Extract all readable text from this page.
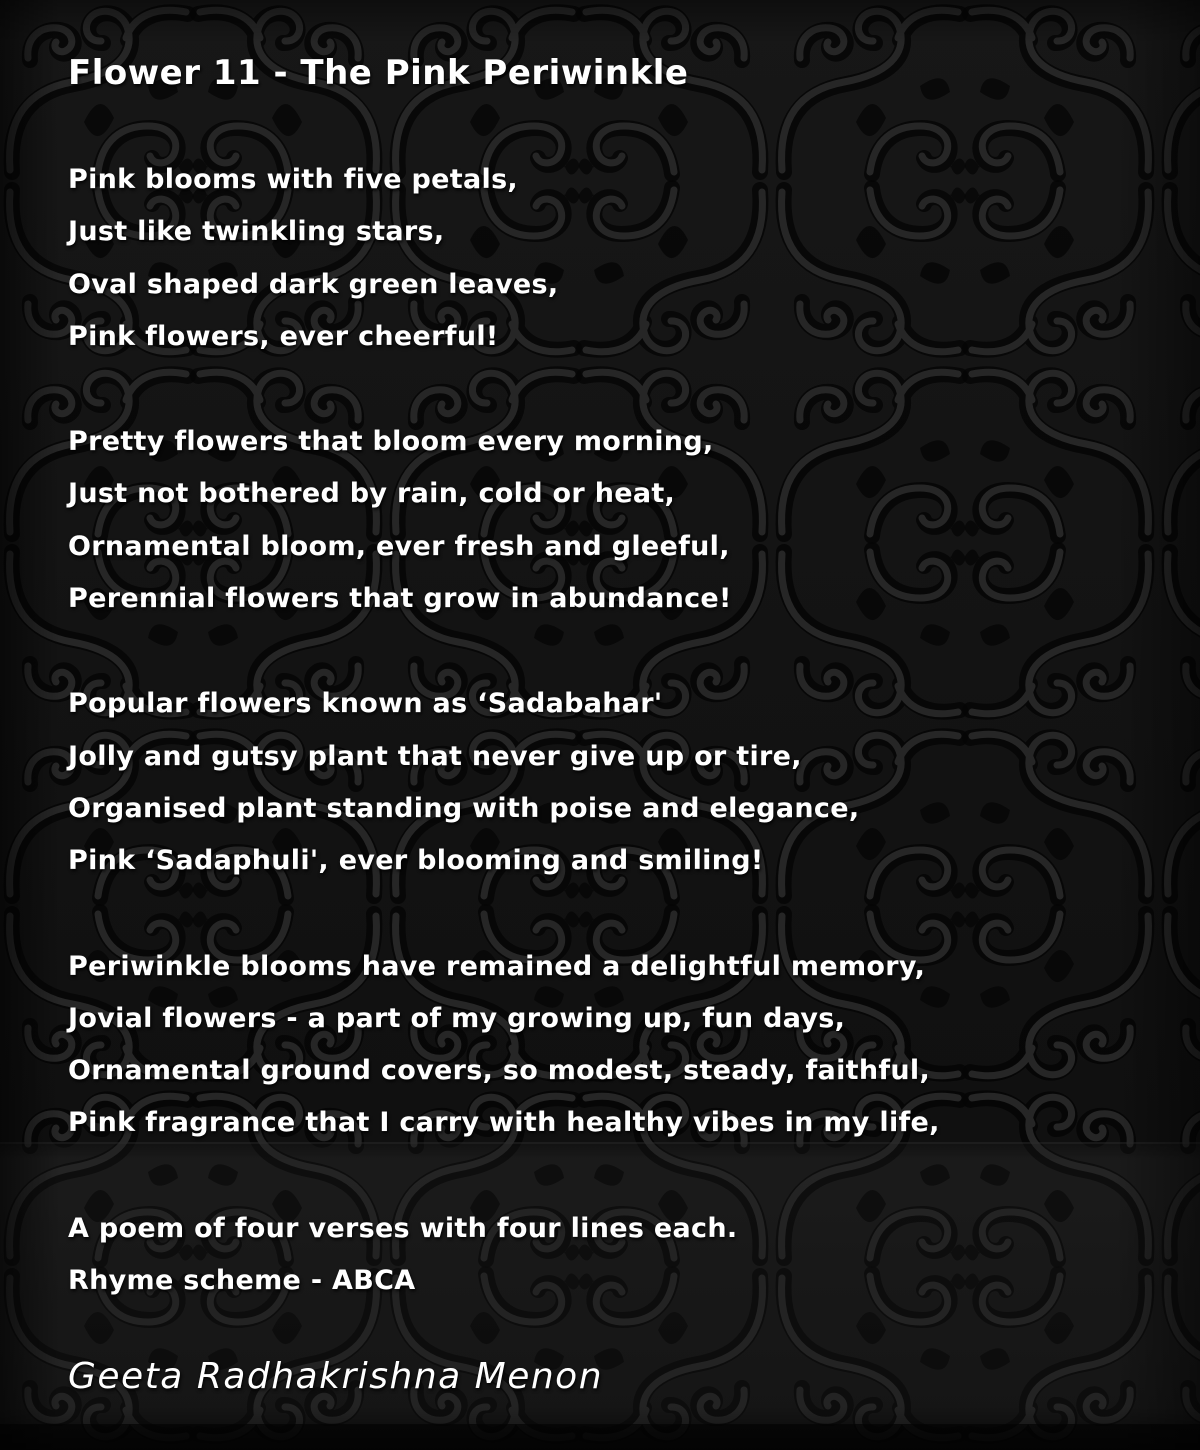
Flower 11 - The Pink Periwinkle

Pink blooms with five petals,

Just like twinkling stars,

Oval shaped dark green leaves,

Pink flowers, ever cheerful!

Pretty flowers that bloom every morning,

Just not bothered by rain, cold or heat,

Ornamental bloom, ever fresh and gleeful,

Perennial flowers that grow in abundance!

Popular flowers known as ‘Sadabahar'

Jolly and gutsy plant that never give up or tire,

Organised plant standing with poise and elegance,

Pink ‘Sadaphuli', ever blooming and smiling!

Periwinkle blooms have remained a delightful memory,

Jovial flowers - a part of my growing up, fun days,

Ornamental ground covers, so modest, steady, faithful,

Pink fragrance that I carry with healthy vibes in my life,

A poem of four verses with four lines each.

Rhyme scheme - ABCA

Geeta Radhakrishna Menon
